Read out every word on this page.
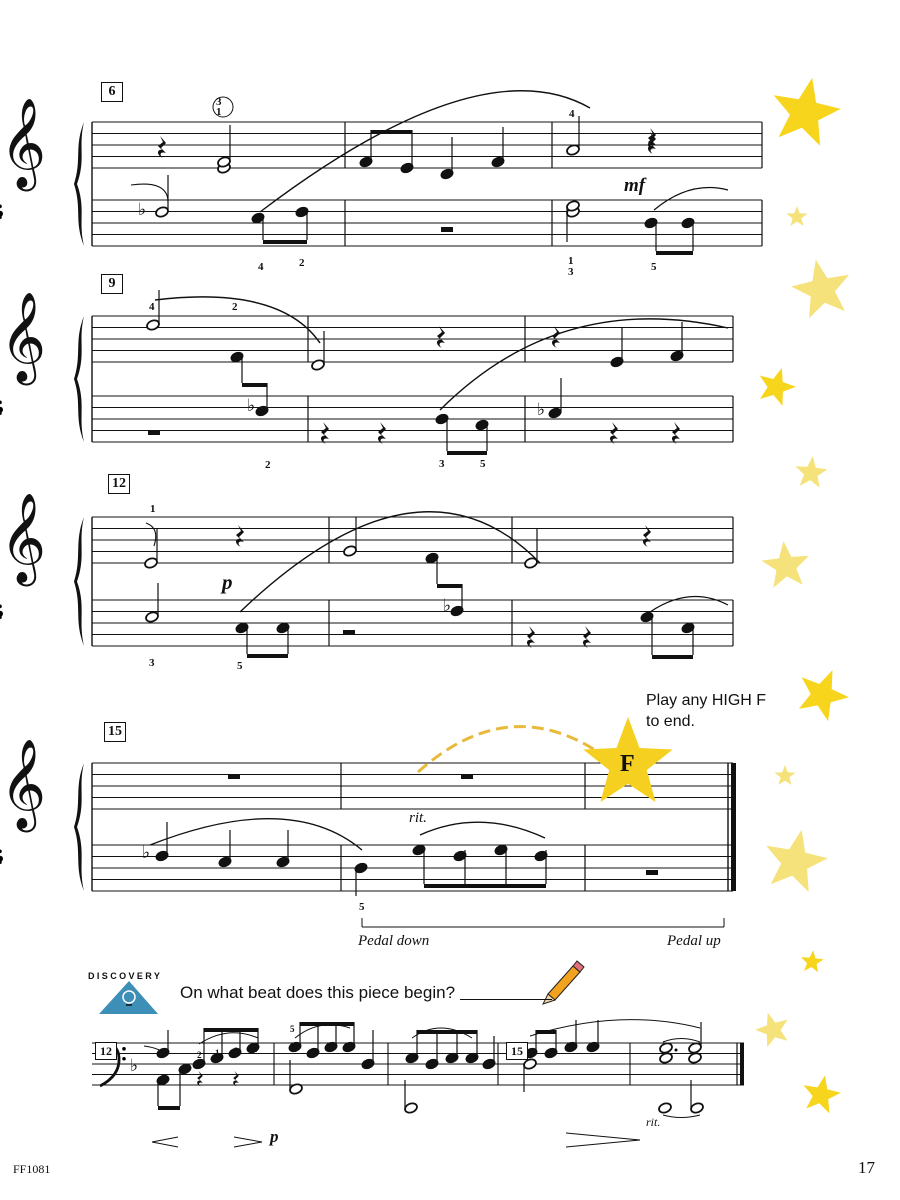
𝄞
♭
𝄞
♭	♭
𝄞
♭
𝄞
♭
♭
6
9
12
15
3
1	4
2
4	1
3	5
mf
4	2
2	3	5
1
3	5
p
5
rit.
Play any HIGH F
to end.
F
Pedal down	Pedal up
DISCOVERY
On what beat does this piece begin?
12	15
2 1 2 4
5
p
rit.
FF1081	17
